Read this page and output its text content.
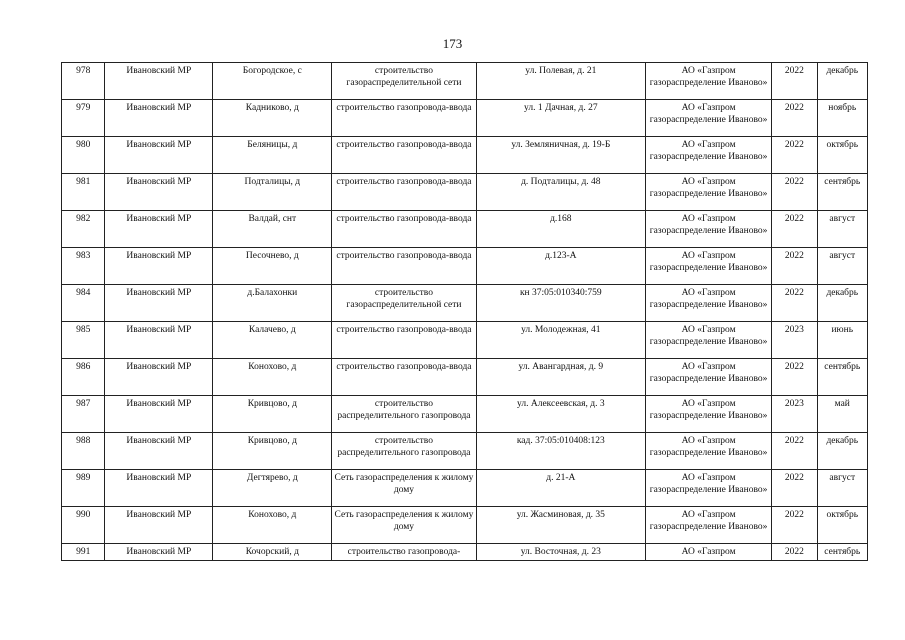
173
978	Ивановский МР	Богородское, с	строительство газораспределительной сети	ул. Полевая, д. 21	АО «Газпром газораспределение Иваново»	2022	декабрь
979	Ивановский МР	Кадниково, д	строительство газопровода-ввода	ул. 1 Дачная, д. 27	АО «Газпром газораспределение Иваново»	2022	ноябрь
980	Ивановский МР	Беляницы, д	строительство газопровода-ввода	ул. Земляничная, д. 19-Б	АО «Газпром газораспределение Иваново»	2022	октябрь
981	Ивановский МР	Подталицы, д	строительство газопровода-ввода	д. Подталицы, д. 48	АО «Газпром газораспределение Иваново»	2022	сентябрь
982	Ивановский МР	Валдай, снт	строительство газопровода-ввода	д.168	АО «Газпром газораспределение Иваново»	2022	август
983	Ивановский МР	Песочнево, д	строительство газопровода-ввода	д.123-А	АО «Газпром газораспределение Иваново»	2022	август
984	Ивановский МР	д.Балахонки	строительство газораспределительной сети	кн 37:05:010340:759	АО «Газпром газораспределение Иваново»	2022	декабрь
985	Ивановский МР	Калачево, д	строительство газопровода-ввода	ул. Молодежная, 41	АО «Газпром газораспределение Иваново»	2023	июнь
986	Ивановский МР	Конохово, д	строительство газопровода-ввода	ул. Авангардная, д. 9	АО «Газпром газораспределение Иваново»	2022	сентябрь
987	Ивановский МР	Кривцово, д	строительство распределительного газопровода	ул. Алексеевская, д. 3	АО «Газпром газораспределение Иваново»	2023	май
988	Ивановский МР	Кривцово, д	строительство распределительного газопровода	кад. 37:05:010408:123	АО «Газпром газораспределение Иваново»	2022	декабрь
989	Ивановский МР	Дегтярево, д	Сеть газораспределения к жилому дому	д. 21-А	АО «Газпром газораспределение Иваново»	2022	август
990	Ивановский МР	Конохово, д	Сеть газораспределения к жилому дому	ул. Жасминовая, д. 35	АО «Газпром газораспределение Иваново»	2022	октябрь
991	Ивановский МР	Кочорский, д	строительство газопровода-	ул. Восточная, д. 23	АО «Газпром	2022	сентябрь
